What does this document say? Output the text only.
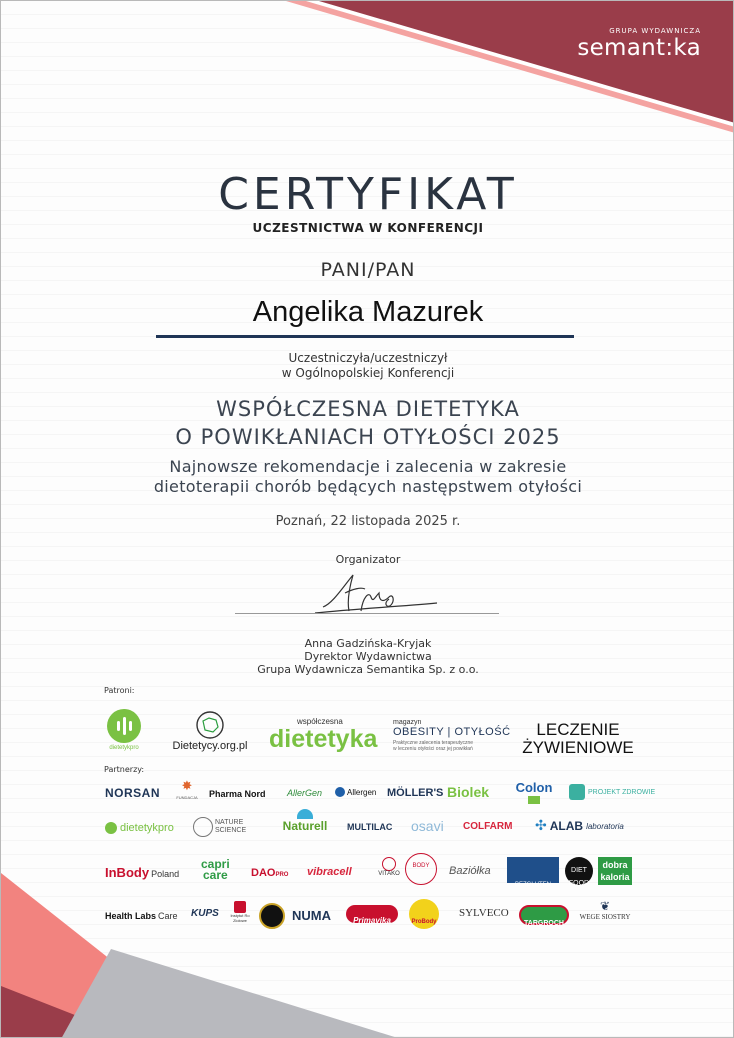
GRUPA WYDAWNICZA
semant:ka
CERTYFIKAT
UCZESTNICTWA W KONFERENCJI
PANI/PAN
Angelika Mazurek
Uczestniczyła/uczestniczył
w Ogólnopolskiej Konferencji
WSPÓŁCZESNA DIETETYKA
O POWIKŁANIACH OTYŁOŚCI 2025
Najnowsze rekomendacje i zalecenia w zakresie
dietoterapii chorób będących następstwem otyłości
Poznań, 22 listopada 2025 r.
Organizator
Anna Gadzińska-Kryjak
Dyrektor Wydawnictwa
Grupa Wydawnicza Semantika Sp. z o.o.
Patroni:
dietetykpro	Dietetycy.org.pl
współczesna
dietetyka
magazyn
OBESITY | OTYŁOŚĆ
Praktyczne zalecenia terapeutyczne
w leczeniu otyłości oraz jej powikłań
LECZENIE
ŻYWIENIOWE
Partnerzy:
NORSAN	✸
FUNDACJA Pharma Nord AllerGen	Allergen MÖLLER'S Biolek	Colon	PROJEKT ZDROWIE
dietetykpro	NATURE SCIENCE	Naturell	MULTILAC osavi COLFARM ✣ ALAB laboratoria
InBody Poland
capri
care DAO PRO vibracell	VITAKO
BODY	Baziółka
BEZGLUTEN
DIET FOOD
dobra
kaloria
Health Labs Care KUPS	Instytut Ro Ziołowe	NUMA	Primavika	ProBody
SYLVECO
TARGROCH
❦
WEGE SIOSTRY
